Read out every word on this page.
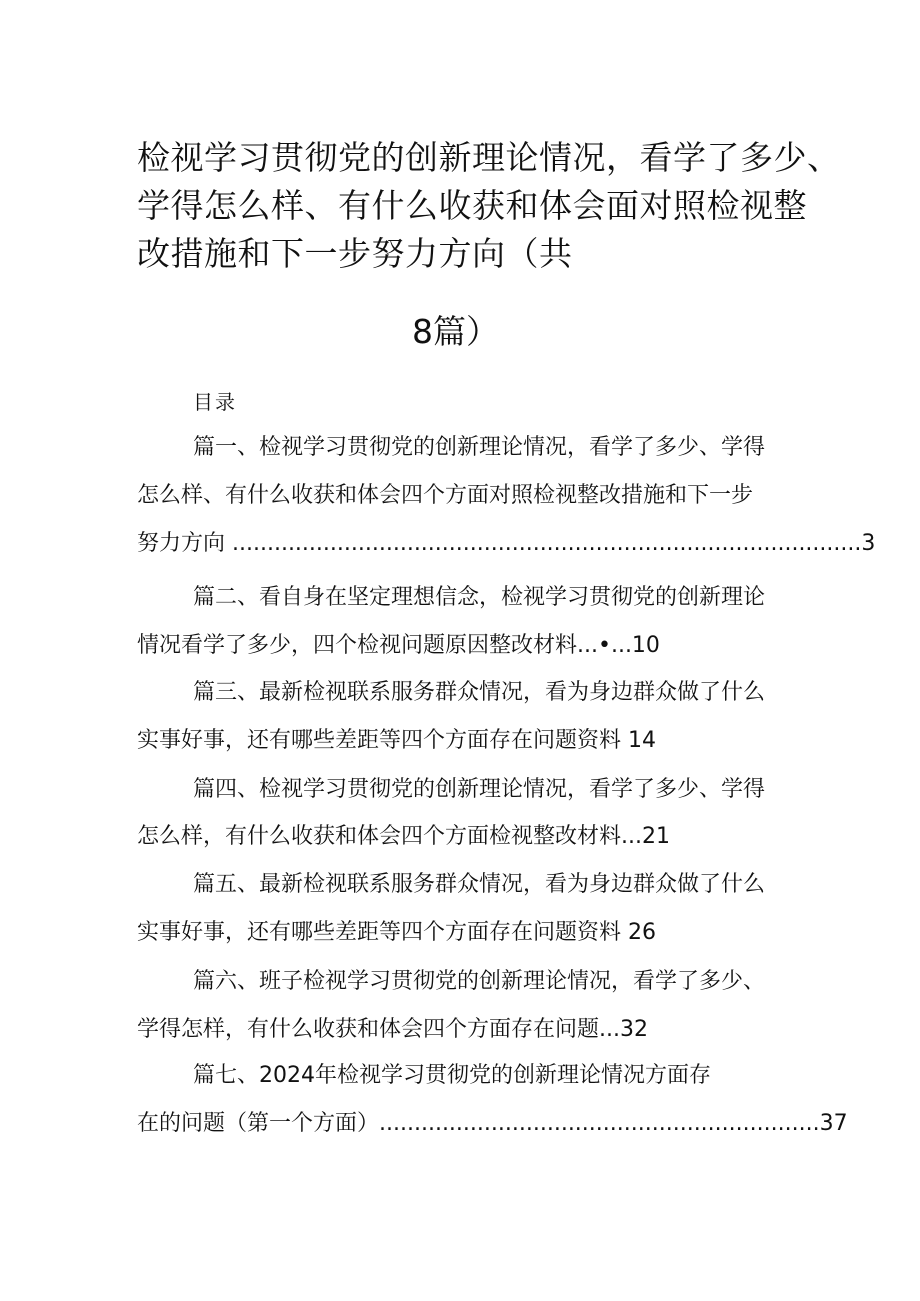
检视学习贯彻党的创新理论情况，看学了多少、
学得怎么样、有什么收获和体会面对照检视整
改措施和下一步努力方向（共
8篇）
目录
篇一、检视学习贯彻党的创新理论情况，看学了多少、学得
怎么样、有什么收获和体会四个方面对照检视整改措施和下一步
努力方向 ..........................................................................................3
篇二、看自身在坚定理想信念，检视学习贯彻党的创新理论
情况看学了多少，四个检视问题原因整改材料...•...10
篇三、最新检视联系服务群众情况，看为身边群众做了什么
实事好事，还有哪些差距等四个方面存在问题资料 14
篇四、检视学习贯彻党的创新理论情况，看学了多少、学得
怎么样，有什么收获和体会四个方面检视整改材料...21
篇五、最新检视联系服务群众情况，看为身边群众做了什么
实事好事，还有哪些差距等四个方面存在问题资料 26
篇六、班子检视学习贯彻党的创新理论情况，看学了多少、
学得怎样，有什么收获和体会四个方面存在问题...32
篇七、2024年检视学习贯彻党的创新理论情况方面存
在的问题（第一个方面）...............................................................37
